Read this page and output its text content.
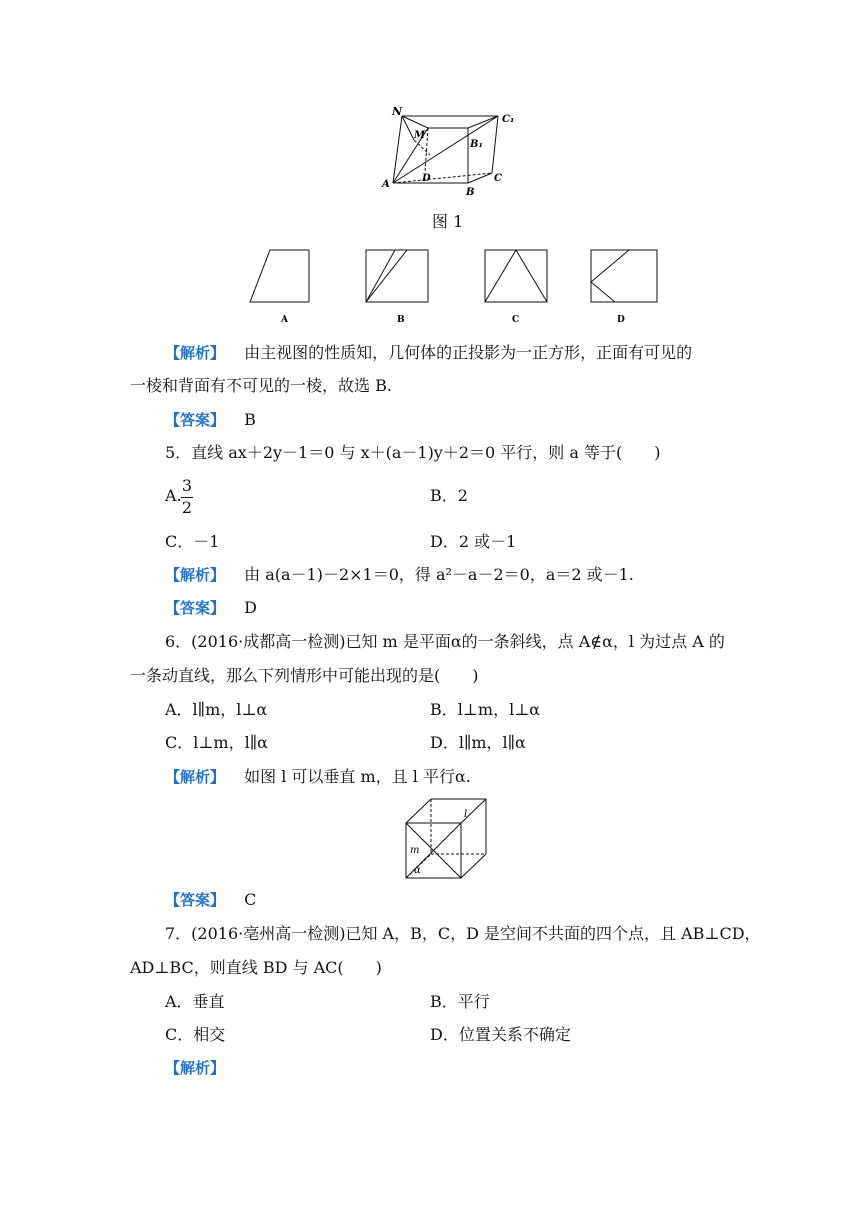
N
M
C₁
B₁
A
D
B
C
图 1
A	B	C	D
【解析】 由主视图的性质知，几何体的正投影为一正方形，正面有可见的
一棱和背面有不可见的一棱，故选 B.
【答案】 B
5．直线 ax＋2y－1＝0 与 x＋(a－1)y＋2＝0 平行，则 a 等于(　　)
A.
3
2
B．2
C．－1	D．2 或－1
【解析】 由 a(a－1)－2×1＝0，得 a²－a－2＝0，a＝2 或－1.
【答案】 D
6．(2016·成都高一检测)已知 m 是平面α的一条斜线，点 A∉α，l 为过点 A 的
一条动直线，那么下列情形中可能出现的是(　　)
A．l∥m，l⊥α	B．l⊥m，l⊥α
C．l⊥m，l∥α	D．l∥m，l∥α
【解析】 如图 l 可以垂直 m，且 l 平行α.
l
m
α
【答案】 C
7．(2016·亳州高一检测)已知 A，B，C，D 是空间不共面的四个点，且 AB⊥CD，
AD⊥BC，则直线 BD 与 AC(　　)
A．垂直	B．平行
C．相交	D．位置关系不确定
【解析】
